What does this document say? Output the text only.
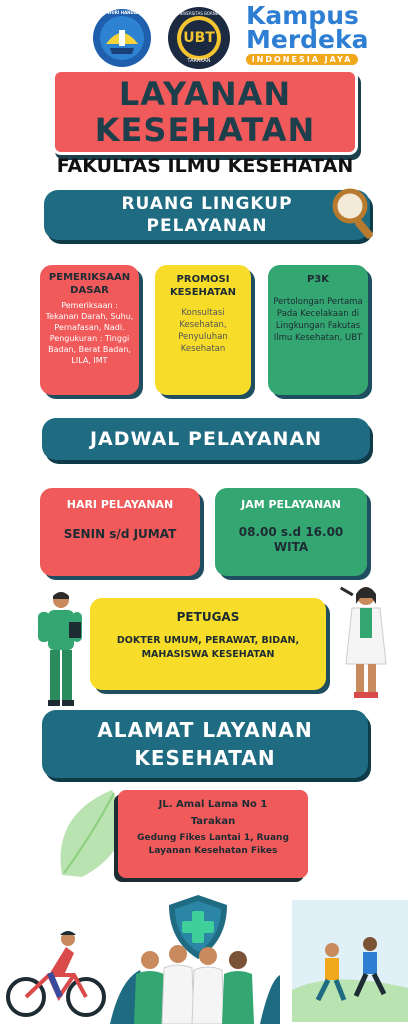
TUT WURI HANDAYANI
UBT
UNIVERSITAS BORNEO
TARAKAN
Kampus
Merdeka
INDONESIA JAYA
LAYANAN
KESEHATAN
FAKULTAS ILMU KESEHATAN
RUANG LINGKUP
PELAYANAN
PEMERIKSAAN DASAR
Pemeriksaan : Tekanan Darah, Suhu, Pernafasan, Nadi. Pengukuran : Tinggi Badan, Berat Badan, LILA, IMT
PROMOSI KESEHATAN
Konsultasi Kesehatan, Penyuluhan Kesehatan
P3K
Pertolongan Pertama Pada Kecelakaan di Lingkungan Fakutas Ilmu Kesehatan, UBT
JADWAL PELAYANAN
HARI PELAYANAN
SENIN s/d JUMAT
JAM PELAYANAN
08.00 s.d 16.00 WITA
PETUGAS
DOKTER UMUM, PERAWAT, BIDAN, MAHASISWA KESEHATAN
ALAMAT LAYANAN
KESEHATAN
JL. Amal Lama No 1
Tarakan
Gedung Fikes Lantai 1, Ruang Layanan Kesehatan Fikes
